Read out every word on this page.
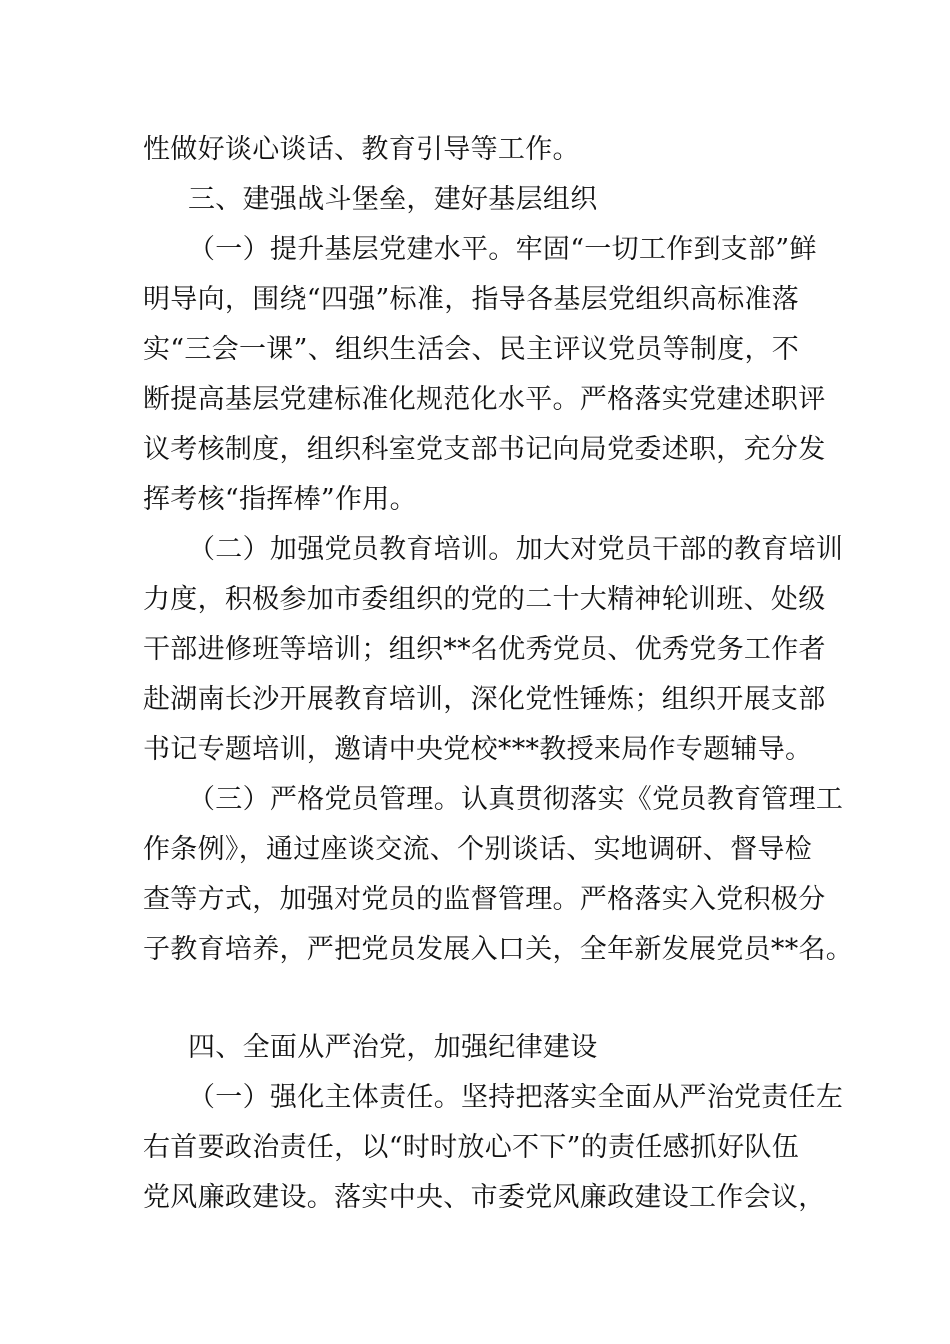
性做好谈心谈话、教育引导等工作。
三、建强战斗堡垒，建好基层组织
（一）提升基层党建水平。牢固“一切工作到支部”鲜
明导向，围绕“四强”标准，指导各基层党组织高标准落
实“三会一课”、组织生活会、民主评议党员等制度，不
断提高基层党建标准化规范化水平。严格落实党建述职评
议考核制度，组织科室党支部书记向局党委述职，充分发
挥考核“指挥棒”作用。
（二）加强党员教育培训。加大对党员干部的教育培训
力度，积极参加市委组织的党的二十大精神轮训班、处级
干部进修班等培训；组织**名优秀党员、优秀党务工作者
赴湖南长沙开展教育培训，深化党性锤炼；组织开展支部
书记专题培训，邀请中央党校***教授来局作专题辅导。
（三）严格党员管理。认真贯彻落实《党员教育管理工
作条例》，通过座谈交流、个别谈话、实地调研、督导检
查等方式，加强对党员的监督管理。严格落实入党积极分
子教育培养，严把党员发展入口关，全年新发展党员**名。
四、全面从严治党，加强纪律建设
（一）强化主体责任。坚持把落实全面从严治党责任左
右首要政治责任，以“时时放心不下”的责任感抓好队伍
党风廉政建设。落实中央、市委党风廉政建设工作会议，
